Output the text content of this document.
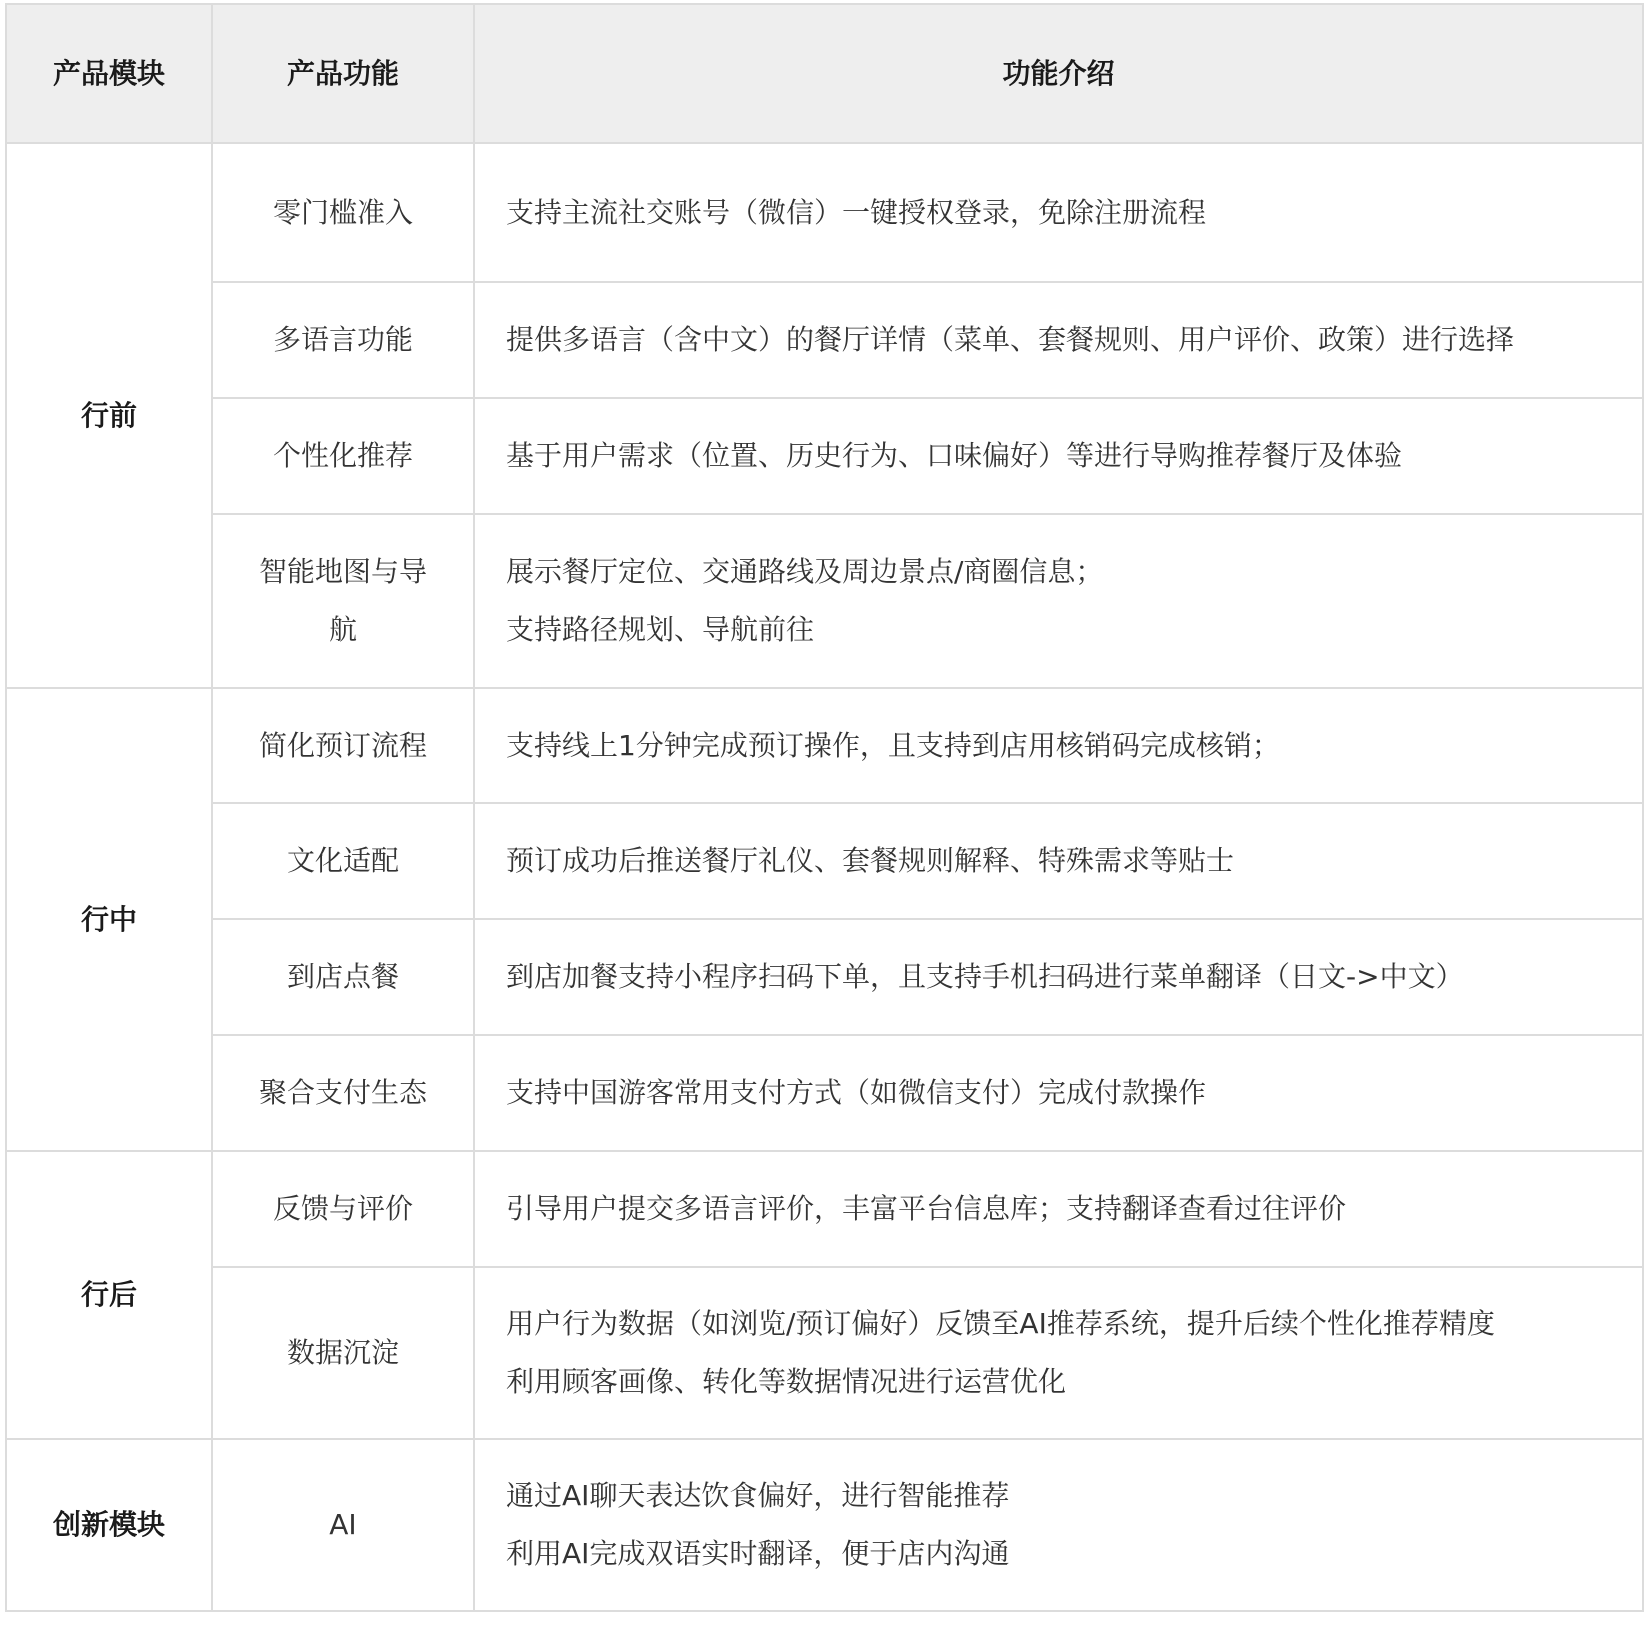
产品模块	产品功能	功能介绍
行前	零门槛准入	支持主流社交账号（微信）一键授权登录，免除注册流程

	多语言功能	提供多语言（含中文）的餐厅详情（菜单、套餐规则、用户评价、政策）进行选择

	个性化推荐	基于用户需求（位置、历史行为、口味偏好）等进行导购推荐餐厅及体验

	智能地图与导航	展示餐厅定位、交通路线及周边景点/商圈信息；
支持路径规划、导航前往

行中	简化预订流程	支持线上1分钟完成预订操作，且支持到店用核销码完成核销；

	文化适配	预订成功后推送餐厅礼仪、套餐规则解释、特殊需求等贴士

	到店点餐	到店加餐支持小程序扫码下单，且支持手机扫码进行菜单翻译（日文->中文）

	聚合支付生态	支持中国游客常用支付方式（如微信支付）完成付款操作

行后	反馈与评价	引导用户提交多语言评价，丰富平台信息库；支持翻译查看过往评价

	数据沉淀	用户行为数据（如浏览/预订偏好）反馈至AI推荐系统，提升后续个性化推荐精度
利用顾客画像、转化等数据情况进行运营优化

创新模块	AI	通过AI聊天表达饮食偏好，进行智能推荐
利用AI完成双语实时翻译，便于店内沟通
